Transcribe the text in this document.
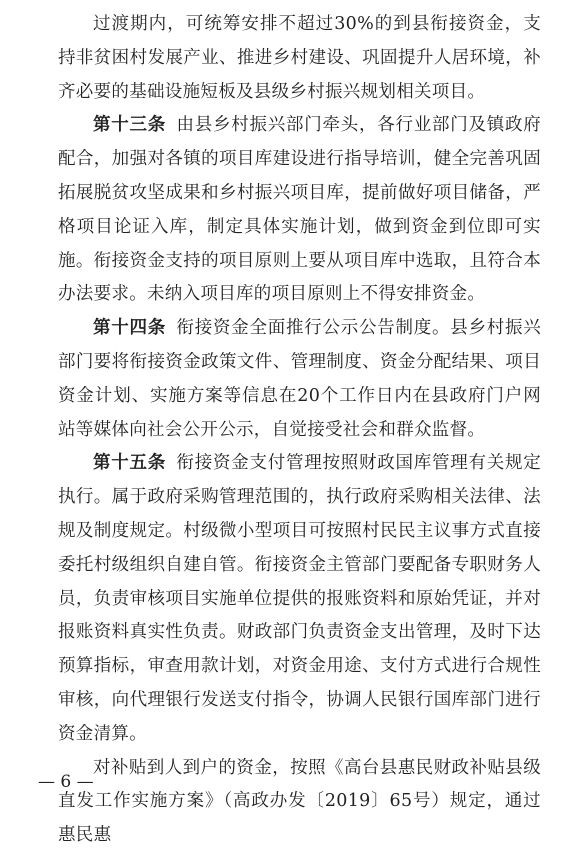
过渡期内，可统筹安排不超过30%的到县衔接资金，支持非贫困村发展产业、推进乡村建设、巩固提升人居环境，补齐必要的基础设施短板及县级乡村振兴规划相关项目。

第十三条 由县乡村振兴部门牵头，各行业部门及镇政府配合，加强对各镇的项目库建设进行指导培训，健全完善巩固拓展脱贫攻坚成果和乡村振兴项目库，提前做好项目储备，严格项目论证入库，制定具体实施计划，做到资金到位即可实施。衔接资金支持的项目原则上要从项目库中选取，且符合本办法要求。未纳入项目库的项目原则上不得安排资金。

第十四条 衔接资金全面推行公示公告制度。县乡村振兴部门要将衔接资金政策文件、管理制度、资金分配结果、项目资金计划、实施方案等信息在20个工作日内在县政府门户网站等媒体向社会公开公示，自觉接受社会和群众监督。

第十五条 衔接资金支付管理按照财政国库管理有关规定执行。属于政府采购管理范围的，执行政府采购相关法律、法规及制度规定。村级微小型项目可按照村民民主议事方式直接委托村级组织自建自管。衔接资金主管部门要配备专职财务人员，负责审核项目实施单位提供的报账资料和原始凭证，并对报账资料真实性负责。财政部门负责资金支出管理，及时下达预算指标，审查用款计划，对资金用途、支付方式进行合规性审核，向代理银行发送支付指令，协调人民银行国库部门进行资金清算。

对补贴到人到户的资金，按照《高台县惠民财政补贴县级直发工作实施方案》（高政办发〔2019〕65号）规定，通过惠民惠

— 6 —
